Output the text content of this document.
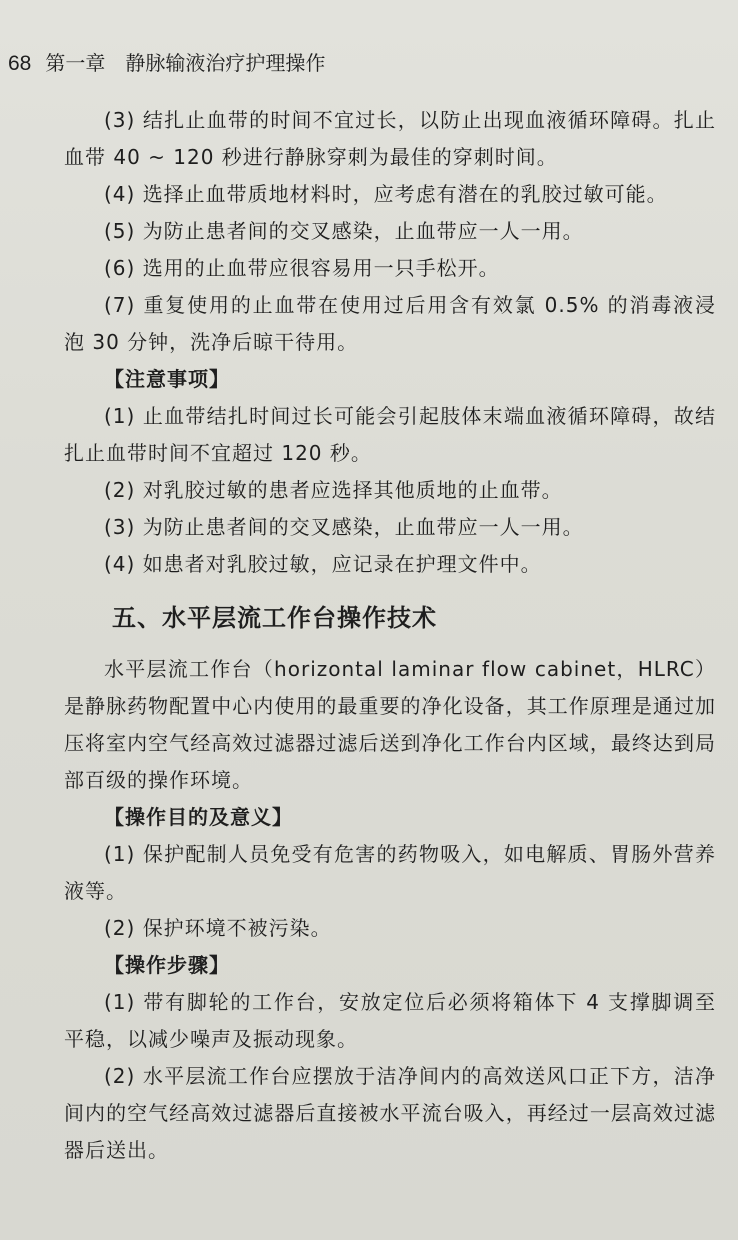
68 第一章 静脉输液治疗护理操作

(3) 结扎止血带的时间不宜过长，以防止出现血液循环障碍。扎止血带 40 ~ 120 秒进行静脉穿刺为最佳的穿刺时间。

(4) 选择止血带质地材料时，应考虑有潜在的乳胶过敏可能。

(5) 为防止患者间的交叉感染，止血带应一人一用。

(6) 选用的止血带应很容易用一只手松开。

(7) 重复使用的止血带在使用过后用含有效氯 0.5% 的消毒液浸泡 30 分钟，洗净后晾干待用。

【注意事项】

(1) 止血带结扎时间过长可能会引起肢体末端血液循环障碍，故结扎止血带时间不宜超过 120 秒。

(2) 对乳胶过敏的患者应选择其他质地的止血带。

(3) 为防止患者间的交叉感染，止血带应一人一用。

(4) 如患者对乳胶过敏，应记录在护理文件中。

五、水平层流工作台操作技术

水平层流工作台（horizontal laminar flow cabinet，HLRC）是静脉药物配置中心内使用的最重要的净化设备，其工作原理是通过加压将室内空气经高效过滤器过滤后送到净化工作台内区域，最终达到局部百级的操作环境。

【操作目的及意义】

(1) 保护配制人员免受有危害的药物吸入，如电解质、胃肠外营养液等。

(2) 保护环境不被污染。

【操作步骤】

(1) 带有脚轮的工作台，安放定位后必须将箱体下 4 支撑脚调至平稳，以减少噪声及振动现象。

(2) 水平层流工作台应摆放于洁净间内的高效送风口正下方，洁净间内的空气经高效过滤器后直接被水平流台吸入，再经过一层高效过滤器后送出。
